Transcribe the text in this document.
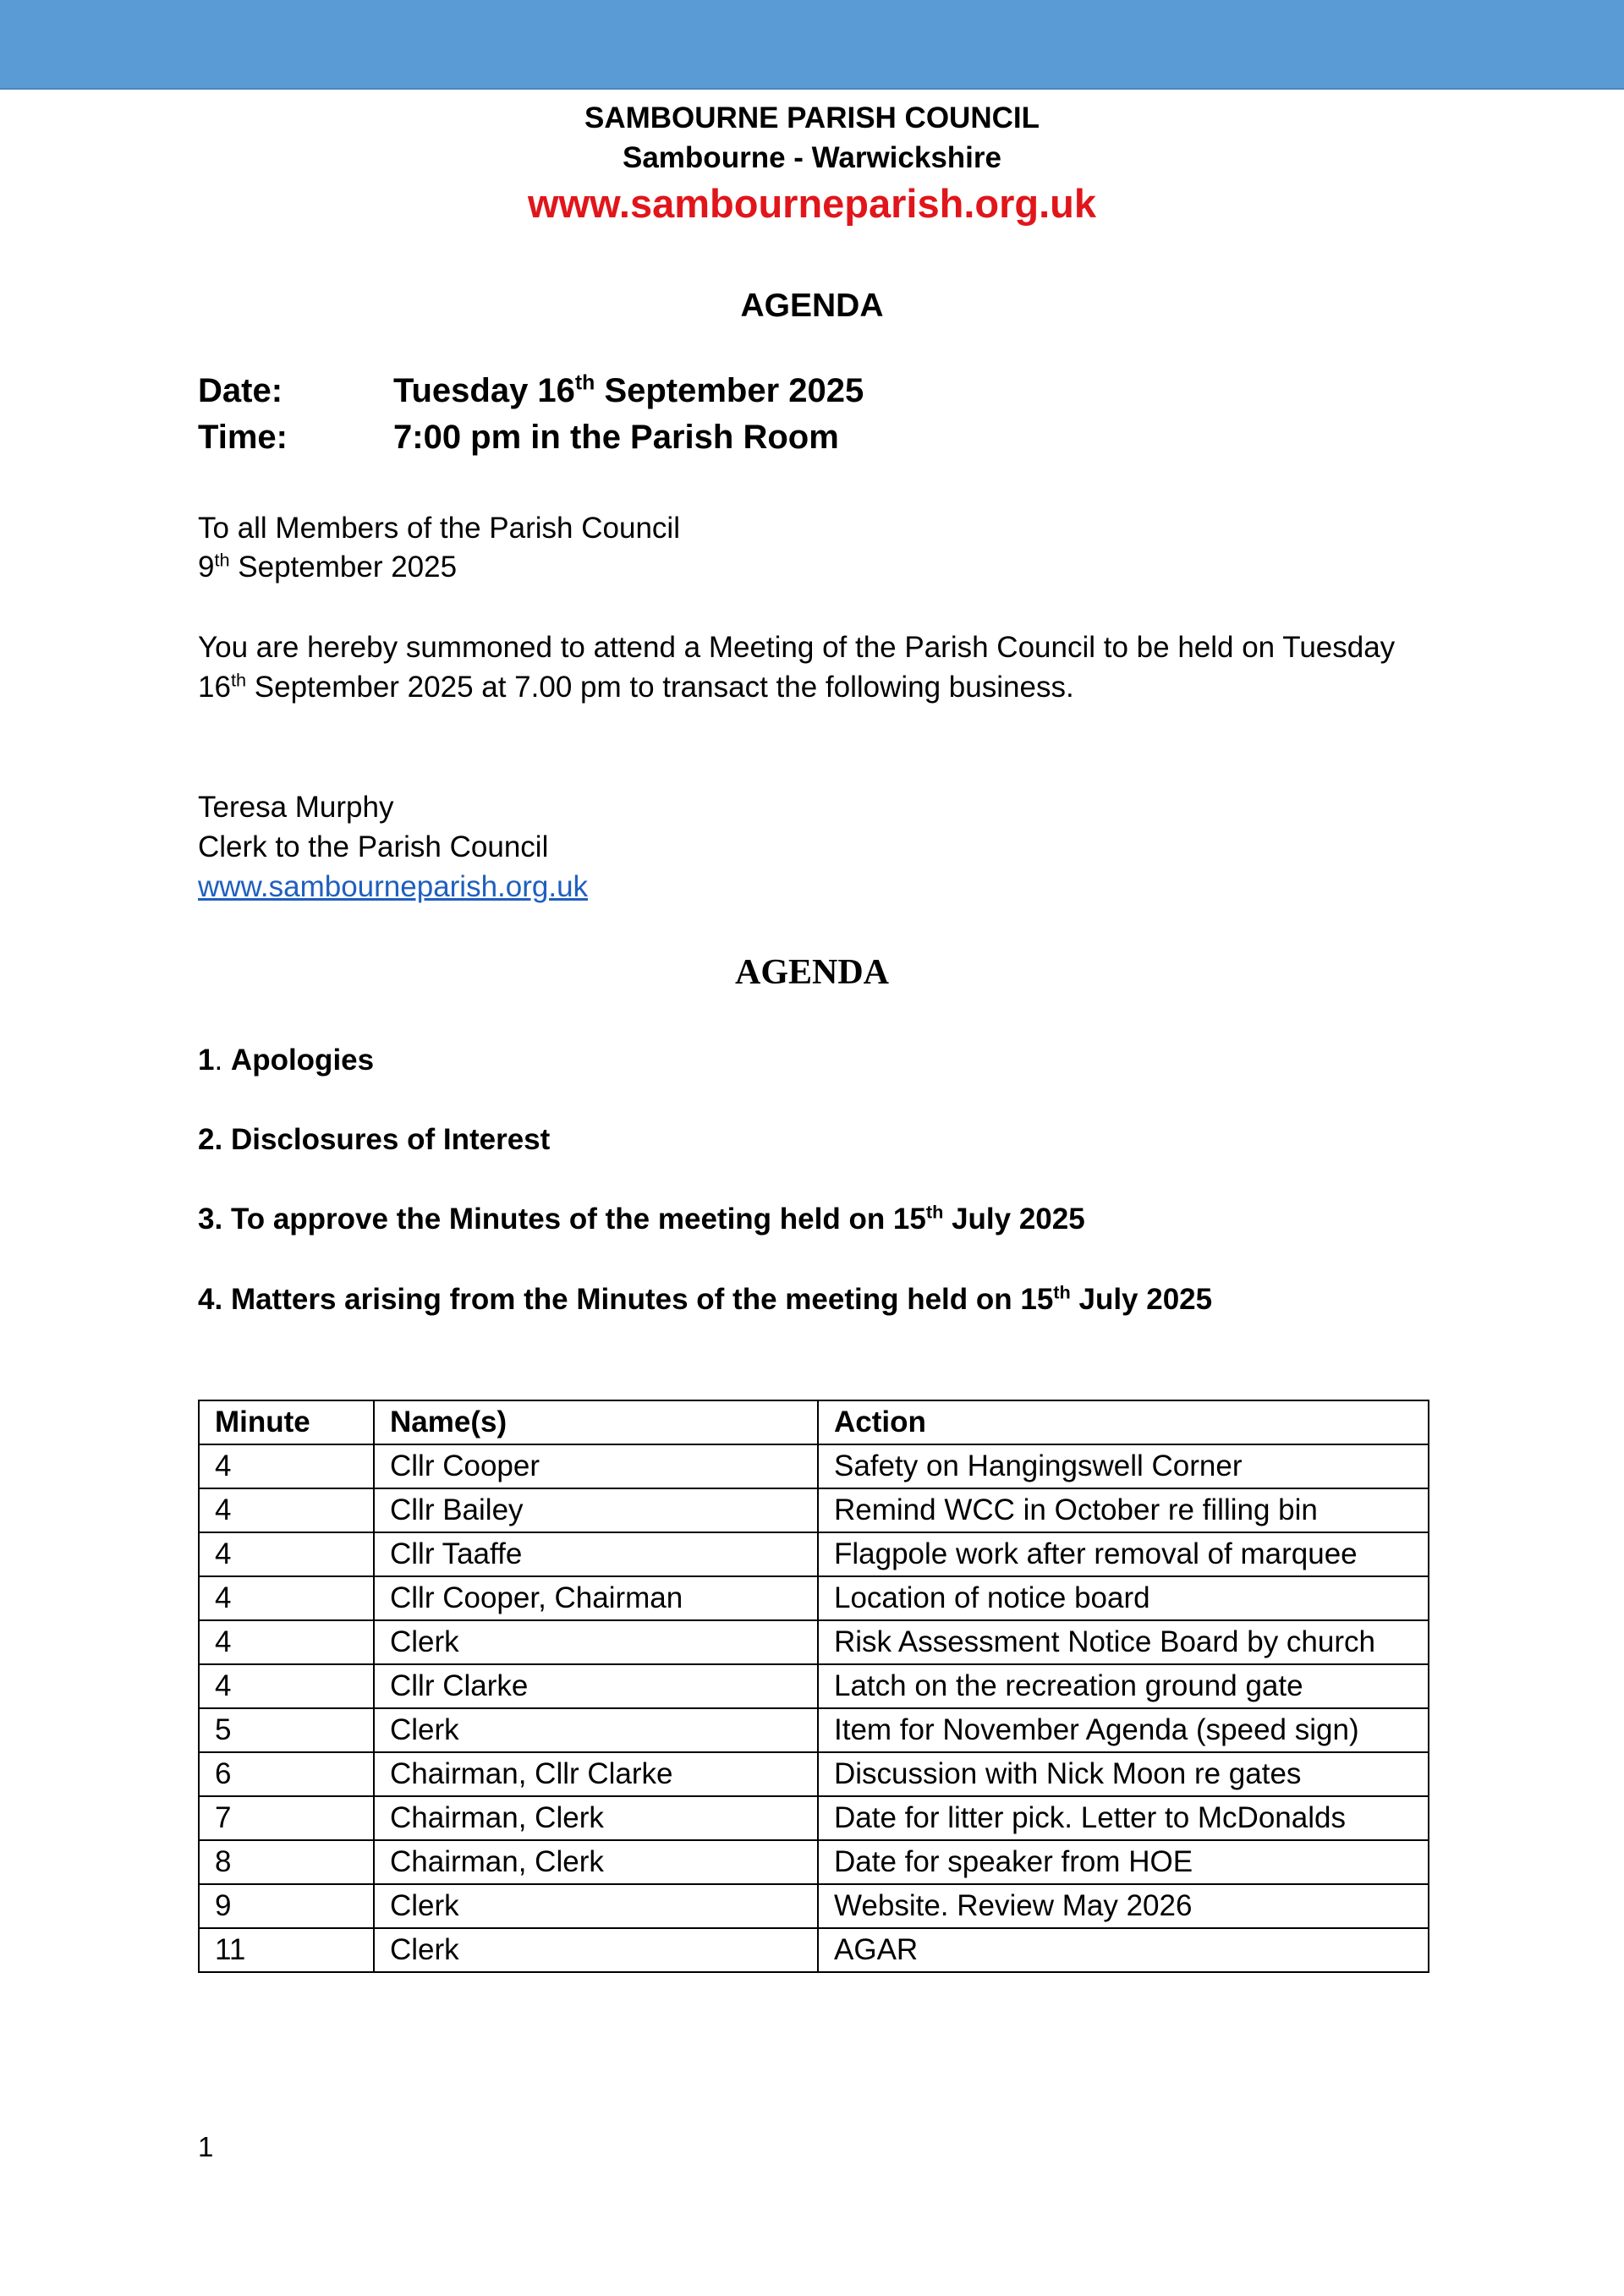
SAMBOURNE PARISH COUNCIL
Sambourne - Warwickshire
www.sambourneparish.org.uk
AGENDA
Date:	Tuesday 16th September 2025
Time:	7:00 pm in the Parish Room
To all Members of the Parish Council
9th September 2025
You are hereby summoned to attend a Meeting of the Parish Council to be held on Tuesday
16th September 2025 at 7.00 pm to transact the following business.
Teresa Murphy
Clerk to the Parish Council
www.sambourneparish.org.uk
AGENDA
1. Apologies
2. Disclosures of Interest
3. To approve the Minutes of the meeting held on 15th July 2025
4. Matters arising from the Minutes of the meeting held on 15th July 2025
Minute	Name(s)	Action
4	Cllr Cooper	Safety on Hangingswell Corner
4	Cllr Bailey	Remind WCC in October re filling bin
4	Cllr Taaffe	Flagpole work after removal of marquee
4	Cllr Cooper, Chairman	Location of notice board
4	Clerk	Risk Assessment Notice Board by church
4	Cllr Clarke	Latch on the recreation ground gate
5	Clerk	Item for November Agenda (speed sign)
6	Chairman, Cllr Clarke	Discussion with Nick Moon re gates
7	Chairman, Clerk	Date for litter pick. Letter to McDonalds
8	Chairman, Clerk	Date for speaker from HOE
9	Clerk	Website. Review May 2026
11	Clerk	AGAR
1
